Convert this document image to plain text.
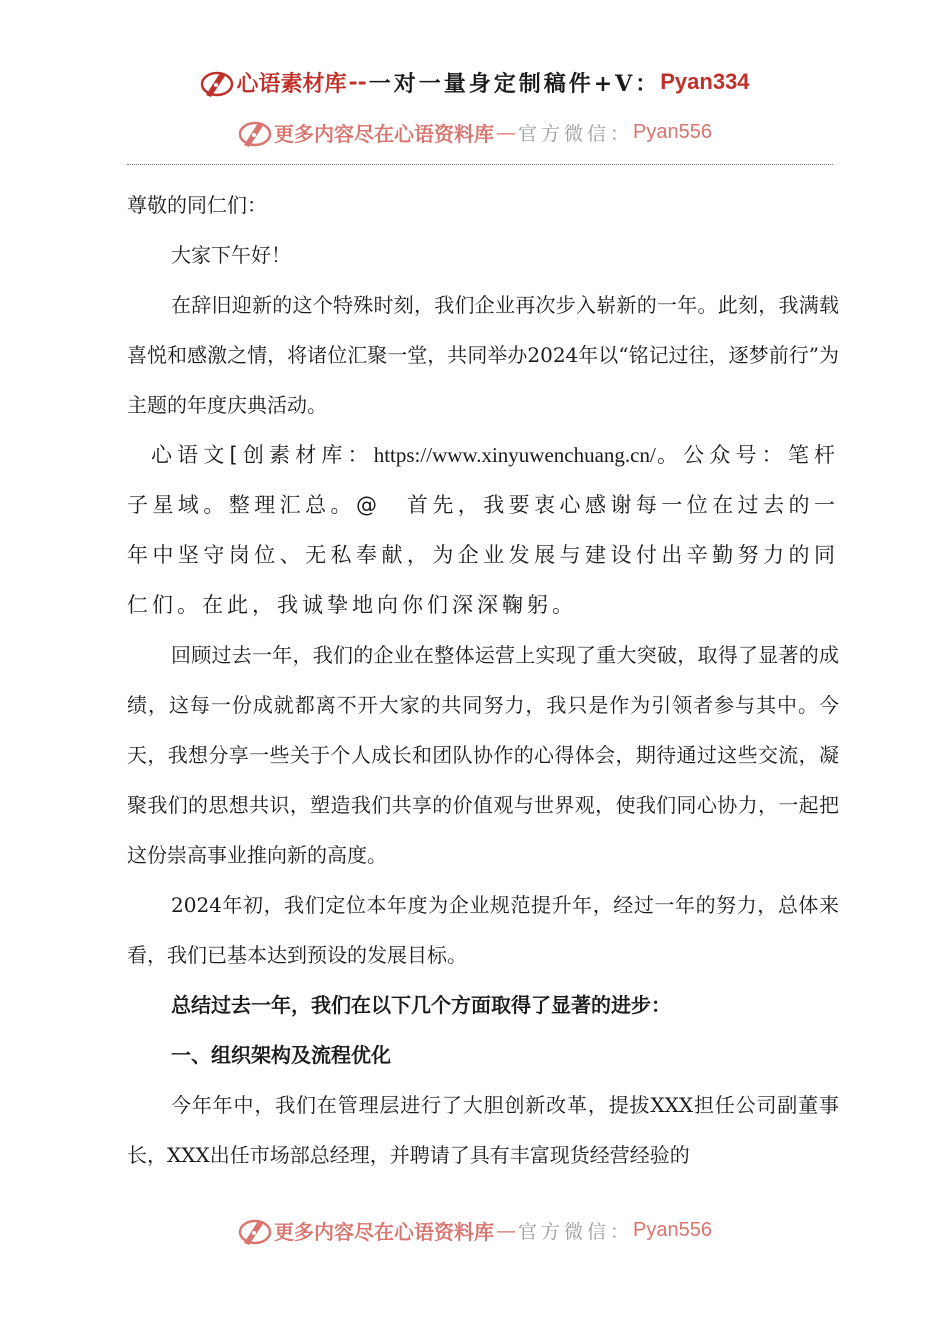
心语素材库 -- 一对一量身定制稿件+V： Pyan334
更多内容尽在心语资料库 — 官方微信： Pyan556

尊敬的同仁们：

大家下午好！

在辞旧迎新的这个特殊时刻，我们企业再次步入崭新的一年。此刻，我满载喜悦和感激之情，将诸位汇聚一堂，共同举办2024年以“铭记过往，逐梦前行”为主题的年度庆典活动。

心语文[创素材库：https://www.xinyuwenchuang.cn/。公众号：笔杆子星域。整理汇总。@　首先，我要衷心感谢每一位在过去的一年中坚守岗位、无私奉献，为企业发展与建设付出辛勤努力的同仁们。在此，我诚挚地向你们深深鞠躬。

回顾过去一年，我们的企业在整体运营上实现了重大突破，取得了显著的成绩，这每一份成就都离不开大家的共同努力，我只是作为引领者参与其中。今天，我想分享一些关于个人成长和团队协作的心得体会，期待通过这些交流，凝聚我们的思想共识，塑造我们共享的价值观与世界观，使我们同心协力，一起把这份崇高事业推向新的高度。

2024年初，我们定位本年度为企业规范提升年，经过一年的努力，总体来看，我们已基本达到预设的发展目标。

总结过去一年，我们在以下几个方面取得了显著的进步：

一、组织架构及流程优化

今年年中，我们在管理层进行了大胆创新改革，提拔XXX担任公司副董事长，XXX出任市场部总经理，并聘请了具有丰富现货经营经验的

更多内容尽在心语资料库 — 官方微信： Pyan556
